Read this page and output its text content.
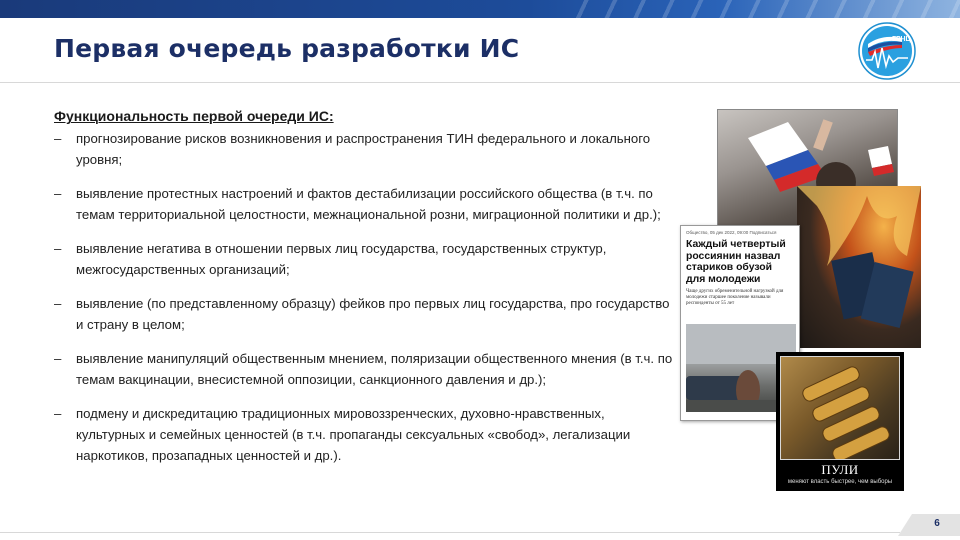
Первая очередь разработки ИС	ГРЧЦ
Функциональность первой очереди ИС:
– прогнозирование рисков возникновения и распространения ТИН федерального и локального уровня;
– выявление протестных настроений и фактов дестабилизации российского общества (в т.ч. по темам территориальной целостности, межнациональной розни, миграционной политики и др.);
– выявление негатива в отношении первых лиц государства, государственных структур, межгосударственных организаций;
– выявление (по представленному образцу) фейков про первых лиц государства, про государство и страну в целом;
– выявление манипуляций общественным мнением, поляризации общественного мнения (в т.ч. по темам вакцинации, внесистемной оппозиции, санкционного давления и др.);
– подмену и дискредитацию традиционных мировоззренческих, духовно-нравственных, культурных и семейных ценностей (в т.ч. пропаганды сексуальных «свобод», легализации наркотиков, прозападных ценностей и др.).
Общество, 05 дек 2022, 09:00 Подписаться
Каждый четвертый россиянин назвал стариков обузой для молодежи
Чаще других обременительной нагрузкой для молодежи старшее поколение называли респонденты от 55 лет
ПУЛИ
меняют власть быстрее, чем выборы
6
